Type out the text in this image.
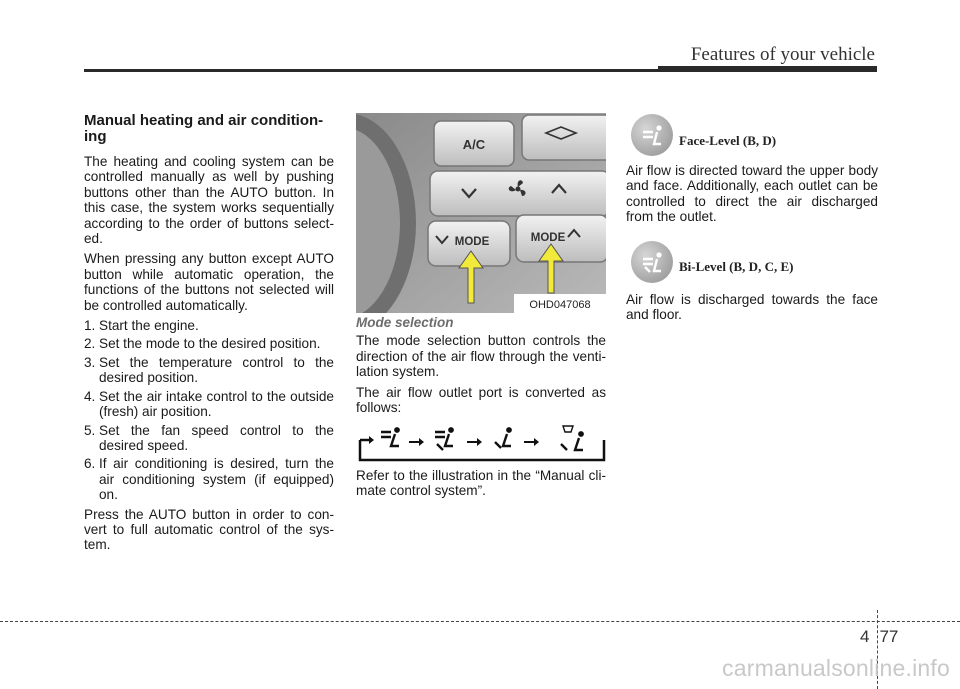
Features of your vehicle
Manual heating and air condition-ing

The heating and cooling system can be controlled manually as well by pushing buttons other than the AUTO button. In this case, the system works sequentially according to the order of buttons select-ed.

When pressing any button except AUTO button while automatic operation, the functions of the buttons not selected will be controlled automatically.

1. Start the engine.
2. Set the mode to the desired position.
3. Set the temperature control to the desired position.
4. Set the air intake control to the outside (fresh) air position.
5. Set the fan speed control to the desired speed.
6. If air conditioning is desired, turn the air conditioning system (if equipped) on.

Press the AUTO button in order to con-vert to full automatic control of the sys-tem.

A/C
MODE	MODE
OHD047068
Mode selection

The mode selection button controls the direction of the air flow through the venti-lation system.

The air flow outlet port is converted as follows:

Refer to the illustration in the “Manual cli-mate control system”.

Face-Level (B, D)

Air flow is directed toward the upper body and face. Additionally, each outlet can be controlled to direct the air discharged from the outlet.

Bi-Level (B, D, C, E)

Air flow is discharged towards the face and floor.

4 77
carmanualsonline.info
